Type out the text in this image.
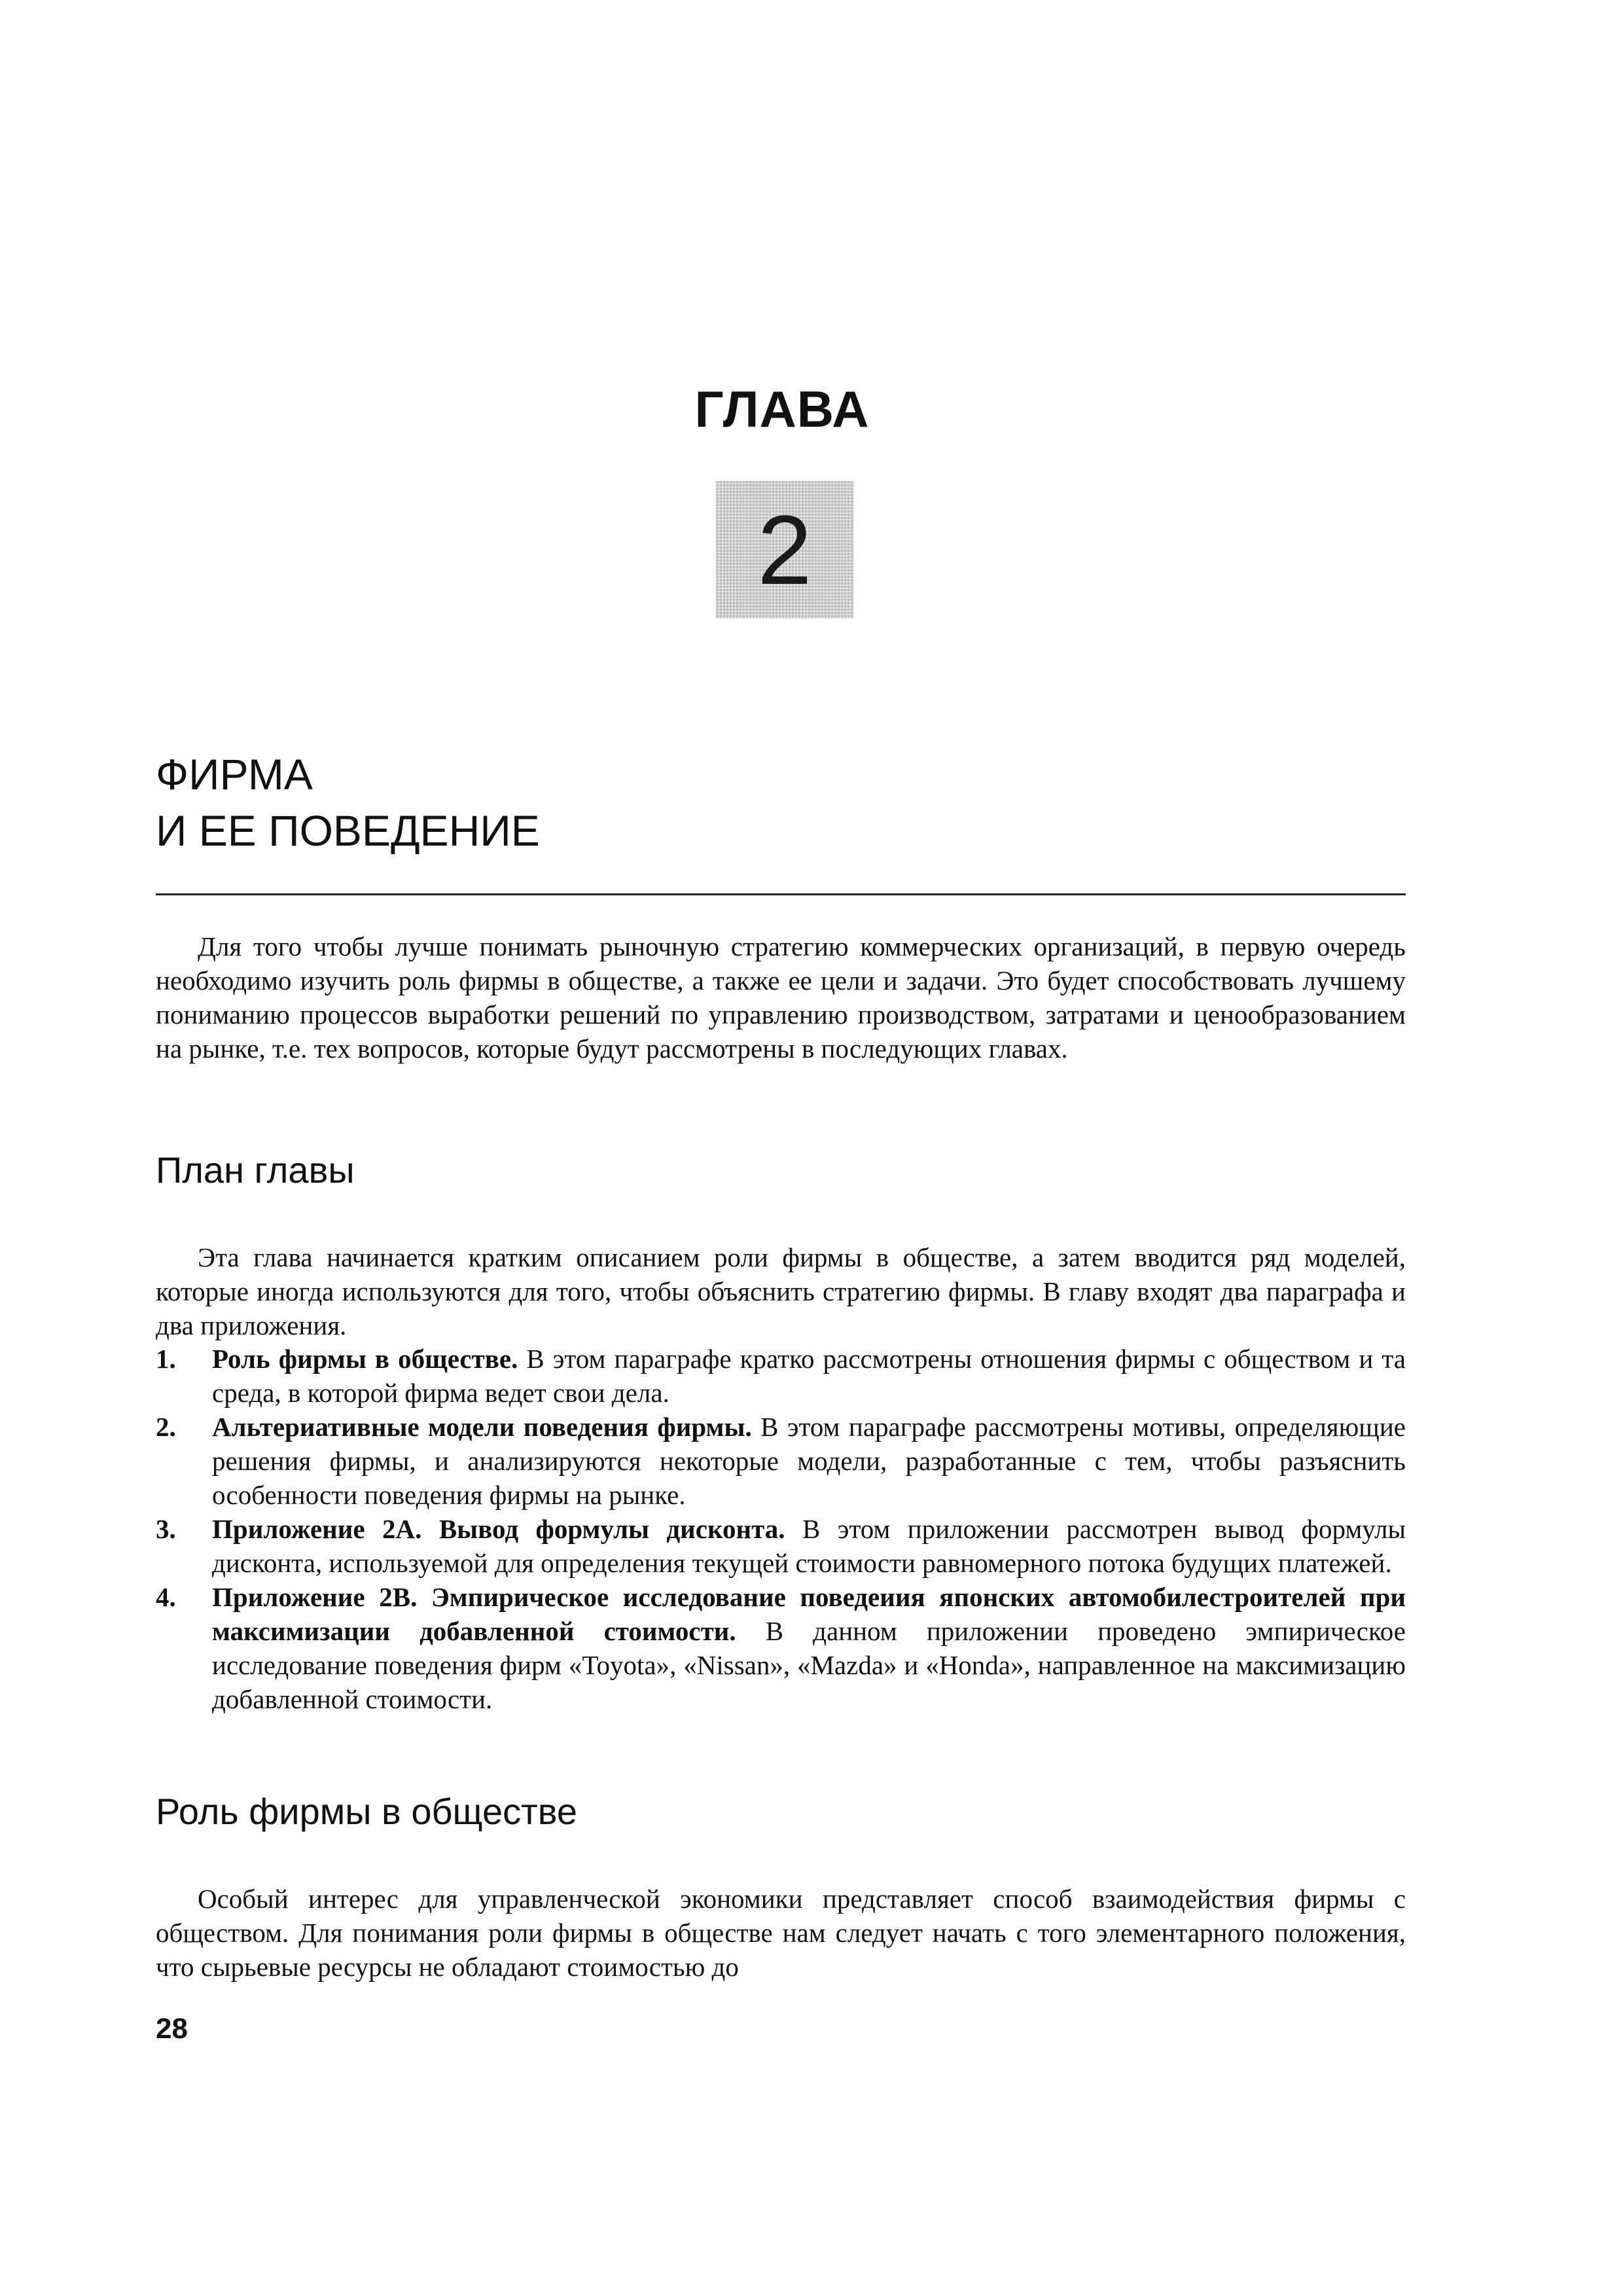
ГЛАВА
2
ФИРМА
И ЕЕ ПОВЕДЕНИЕ

Для того чтобы лучше понимать рыночную стратегию коммерческих организаций, в первую очередь необходимо изучить роль фирмы в обществе, а также ее цели и задачи. Это будет способствовать лучшему пониманию процессов выработки решений по управлению производством, затратами и ценообразованием на рынке, т.е. тех вопросов, которые будут рассмотрены в последующих главах.

План главы

Эта глава начинается кратким описанием роли фирмы в обществе, а затем вводится ряд моделей, которые иногда используются для того, чтобы объяснить стратегию фирмы. В главу входят два параграфа и два приложения.

1. Роль фирмы в обществе. В этом параграфе кратко рассмотрены отношения фирмы с обществом и та среда, в которой фирма ведет свои дела.
2. Альтериативные модели поведения фирмы. В этом параграфе рассмотрены мотивы, определяющие решения фирмы, и анализируются некоторые модели, разработанные с тем, чтобы разъяснить особенности поведения фирмы на рынке.
3. Приложение 2А. Вывод формулы дисконта. В этом приложении рассмотрен вывод формулы дисконта, используемой для определения текущей стоимости равномерного потока будущих платежей.
4. Приложение 2В. Эмпирическое исследование поведеиия японских автомобилестроителей при максимизации добавленной стоимости. В данном приложении проведено эмпирическое исследование поведения фирм «Toyota», «Nissan», «Mazda» и «Honda», направленное на максимизацию добавленной стоимости.
Роль фирмы в обществе

Особый интерес для управленческой экономики представляет способ взаимодействия фирмы с обществом. Для понимания роли фирмы в обществе нам следует начать с того элементарного положения, что сырьевые ресурсы не обладают стоимостью до

28
